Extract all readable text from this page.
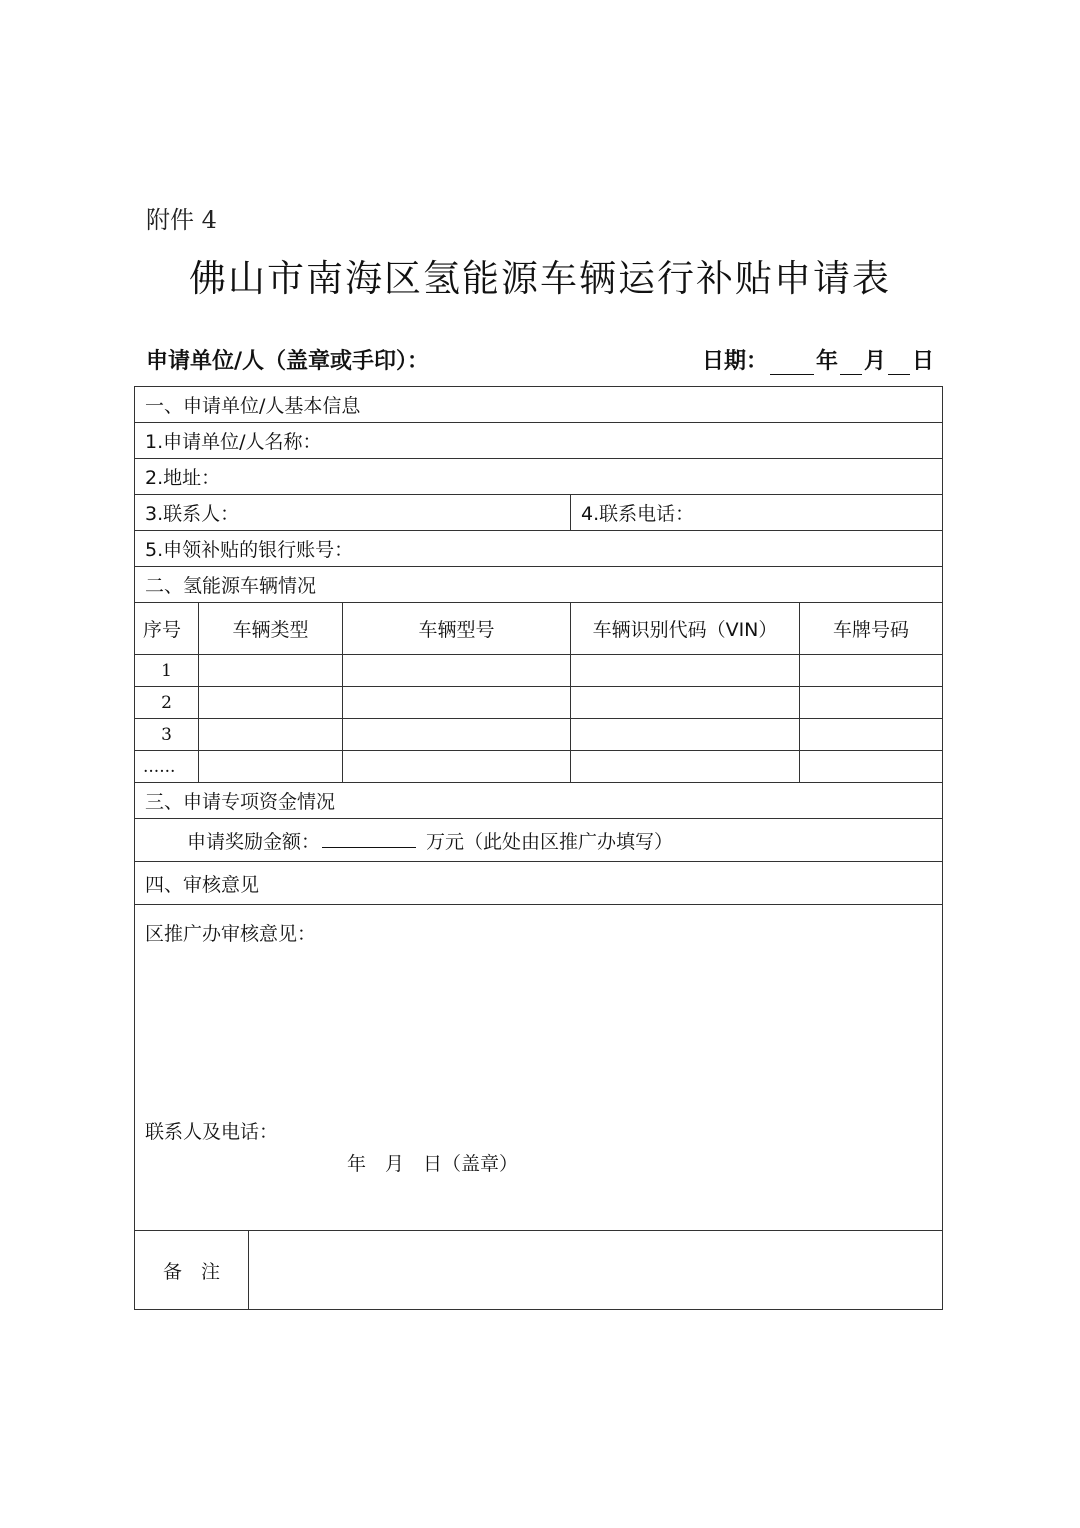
附件 4
佛山市南海区氢能源车辆运行补贴申请表
申请单位/人（盖章或手印）：	日期： 年 月 日
一、申请单位/人基本信息					
1.申请单位/人名称：					
2.地址：					
3.联系人：				4.联系电话：	
5.申领补贴的银行账号：					
二、氢能源车辆情况					
序号	车辆类型		车辆型号	车辆识别代码（VIN）	车牌号码
1					
2					
3					
......					
三、申请专项资金情况					
申请奖励金额： 万元（此处由区推广办填写）					
四、审核意见					

区推广办审核意见：
联系人及电话：
年　月　日（盖章）					

备　注					
